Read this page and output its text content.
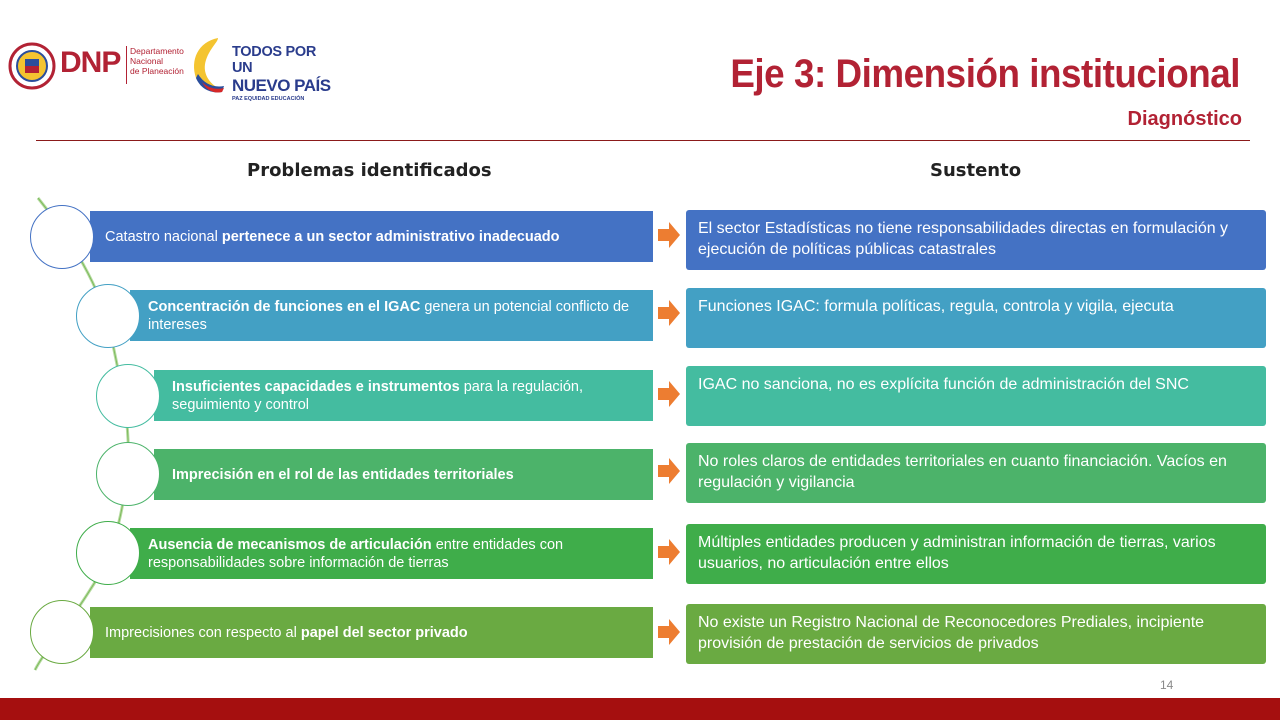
DNP Departamento
Nacional
de Planeación
TODOS POR UN
NUEVO PAÍS
PAZ EQUIDAD EDUCACIÓN
Eje 3: Dimensión institucional
Diagnóstico
Problemas identificados	Sustento
Catastro nacional pertenece a un sector administrativo inadecuado
Concentración de funciones en el IGAC genera un potencial conflicto de intereses
Insuficientes capacidades e instrumentos para la regulación, seguimiento y control
Imprecisión en el rol de las entidades territoriales
Ausencia de mecanismos de articulación entre entidades con responsabilidades sobre información de tierras
Imprecisiones con respecto al papel del sector privado
El sector Estadísticas no tiene responsabilidades directas en formulación y ejecución de políticas públicas catastrales
Funciones IGAC: formula políticas, regula, controla y vigila, ejecuta
IGAC no sanciona, no es explícita función de administración del SNC
No roles claros de entidades territoriales en cuanto financiación. Vacíos en regulación y vigilancia
Múltiples entidades producen y administran información de tierras, varios usuarios, no articulación entre ellos
No existe un Registro Nacional de Reconocedores Prediales, incipiente provisión de prestación de servicios de privados
14
